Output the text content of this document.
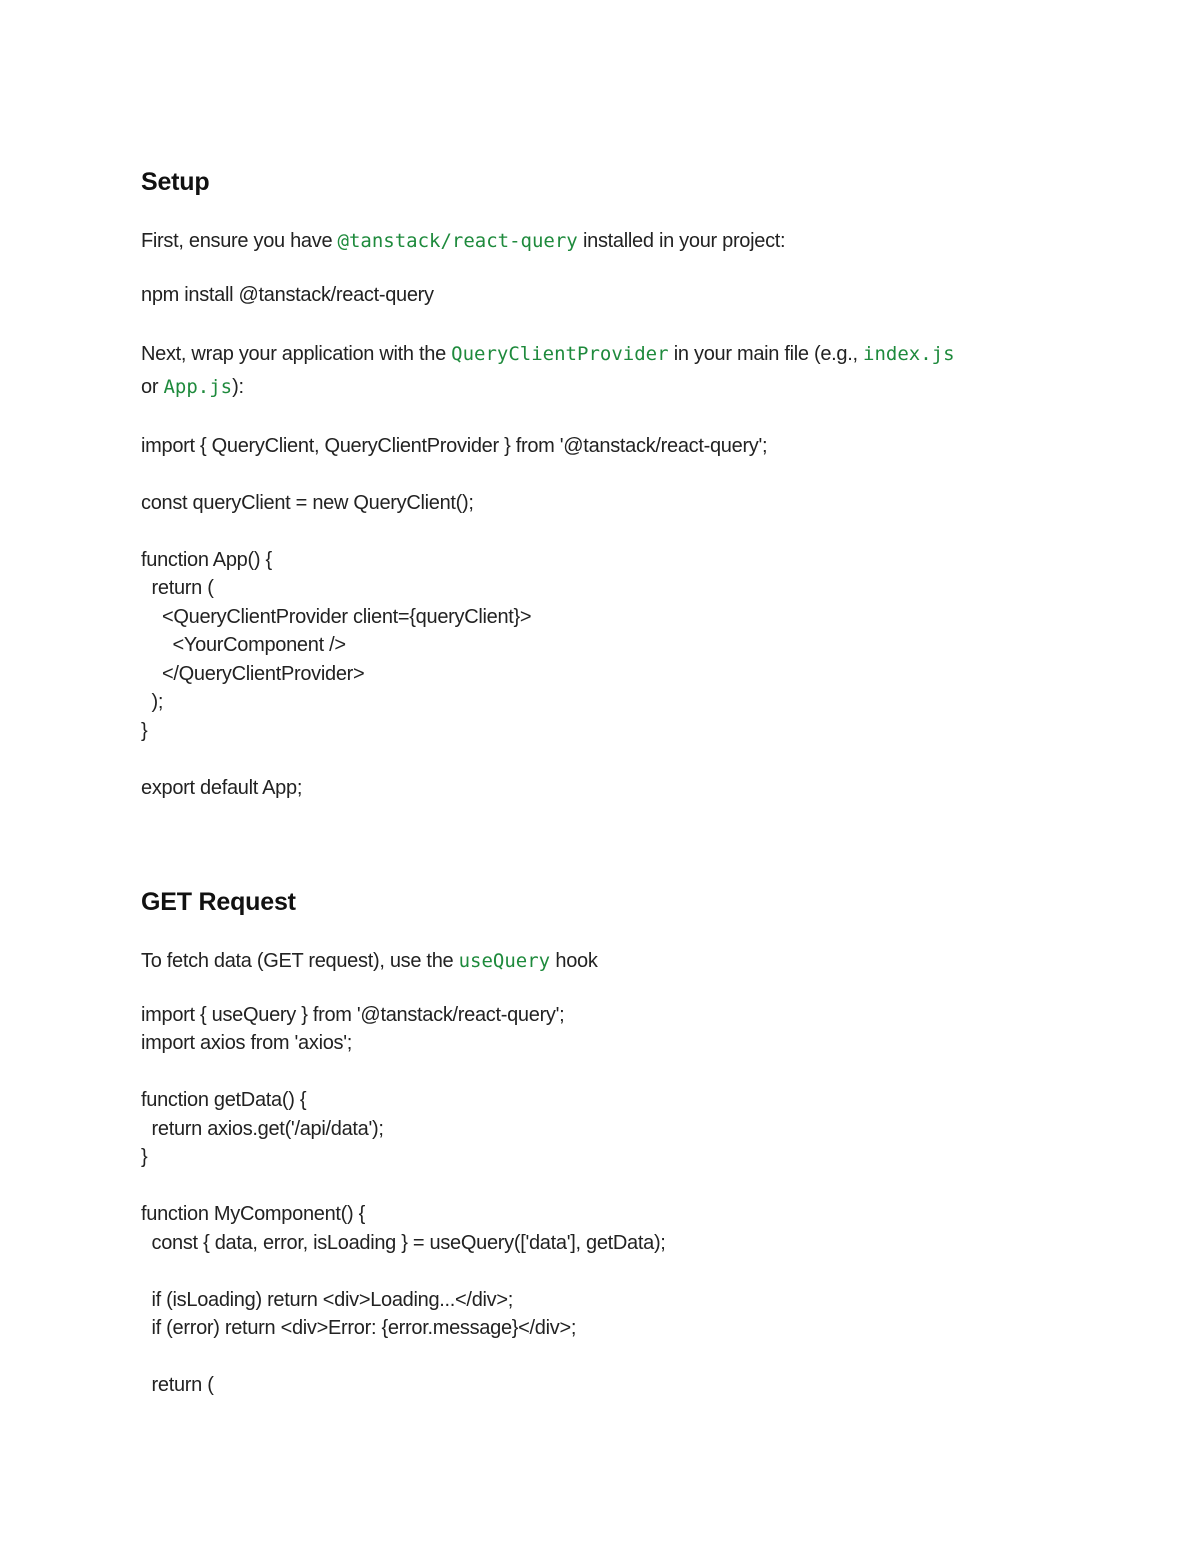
Setup
First, ensure you have @tanstack/react-query installed in your project:
npm install @tanstack/react-query
Next, wrap your application with the QueryClientProvider in your main file (e.g., index.js
or App.js):
import { QueryClient, QueryClientProvider } from '@tanstack/react-query';
const queryClient = new QueryClient();
function App() {
return (
<QueryClientProvider client={queryClient}>
<YourComponent />
</QueryClientProvider>
);
}
export default App;
GET Request
To fetch data (GET request), use the useQuery hook
import { useQuery } from '@tanstack/react-query';
import axios from 'axios';
function getData() {
return axios.get('/api/data');
}
function MyComponent() {
const { data, error, isLoading } = useQuery(['data'], getData);
if (isLoading) return <div>Loading...</div>;
if (error) return <div>Error: {error.message}</div>;
return (
